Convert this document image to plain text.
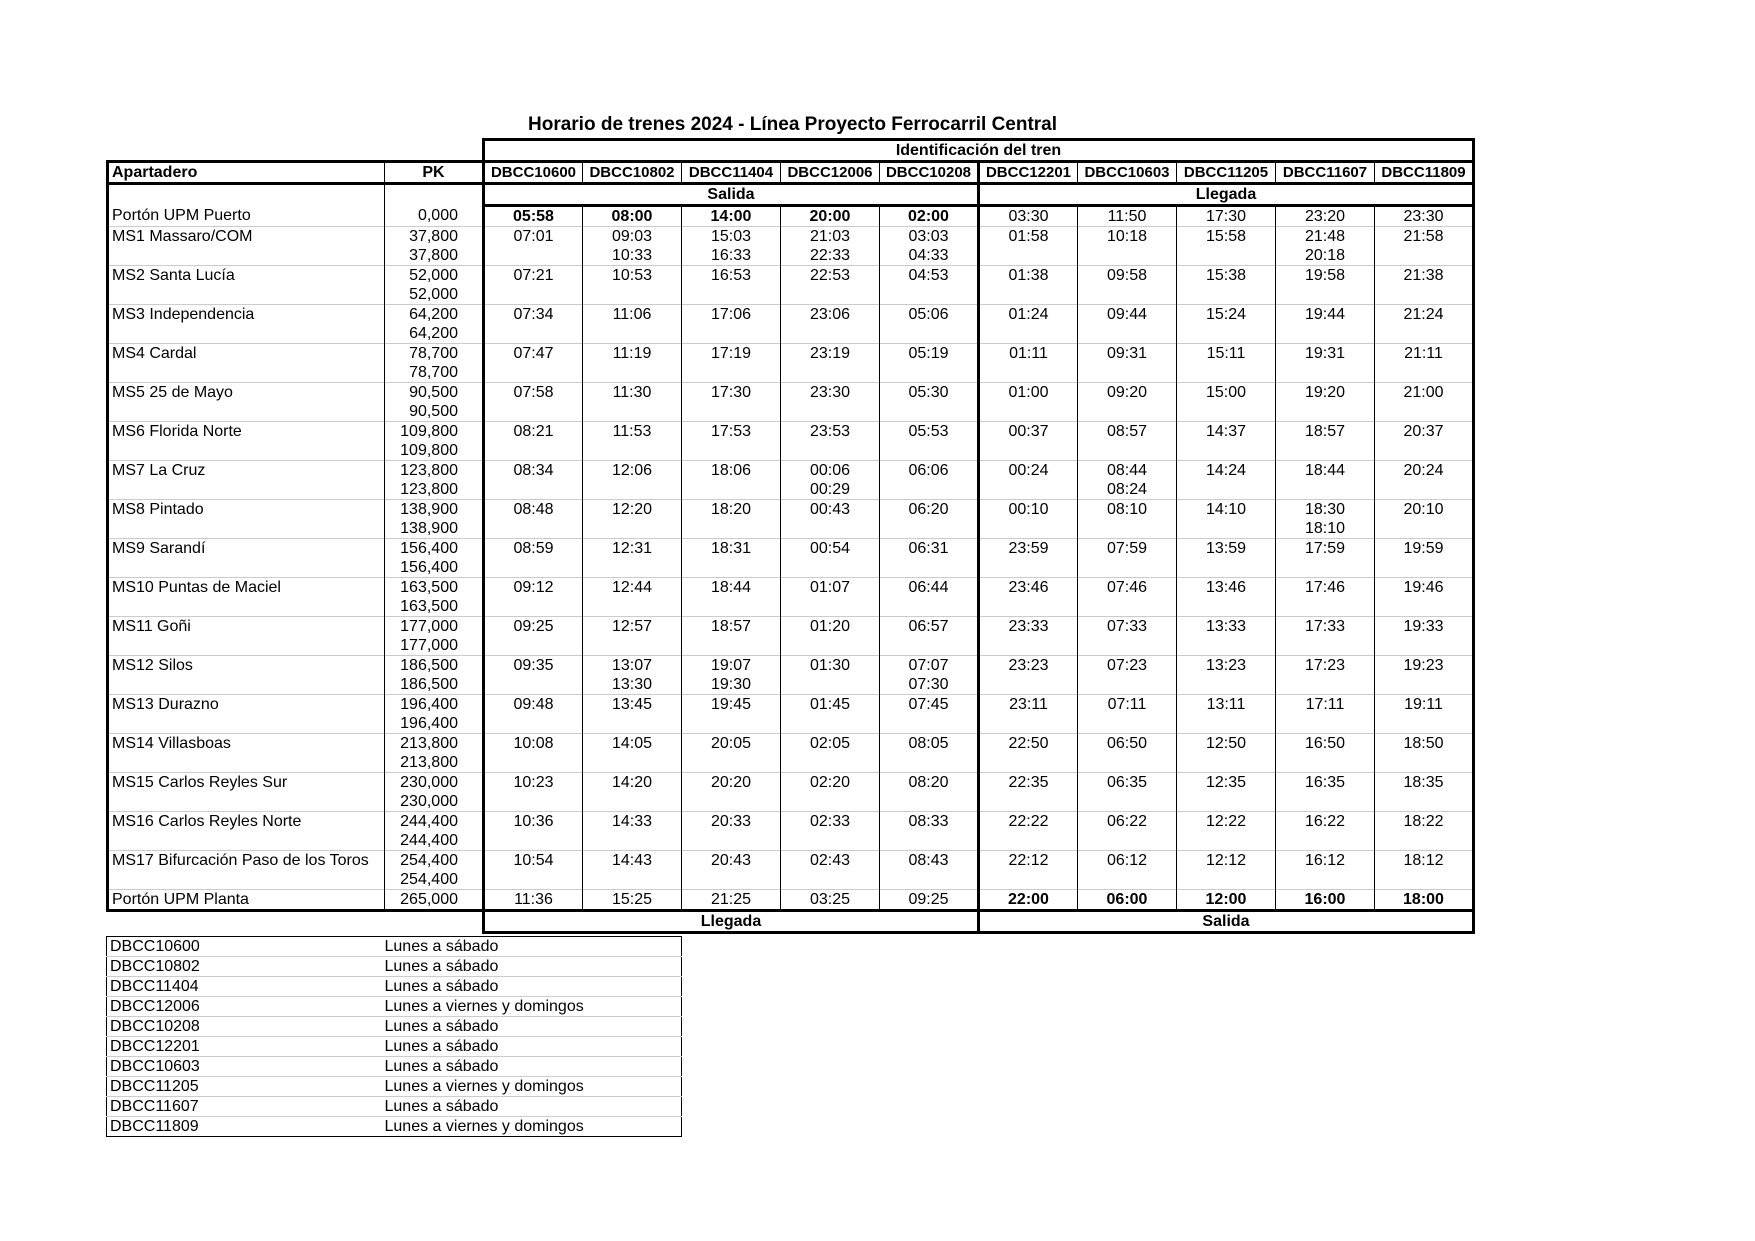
Horario de trenes 2024 - Línea Proyecto Ferrocarril Central
		Identificación del tren									
Apartadero	PK	DBCC10600	DBCC10802	DBCC11404	DBCC12006	DBCC10208	DBCC12201	DBCC10603	DBCC11205	DBCC11607	DBCC11809
		Salida					Llegada				
Portón UPM Puerto	0,000	05:58	08:00	14:00	20:00	02:00	03:30	11:50	17:30	23:20	23:30
MS1 Massaro/COM	37,800	07:01	09:03	15:03	21:03	03:03	01:58	10:18	15:58	21:48	21:58
	37,800		10:33	16:33	22:33	04:33				20:18	
MS2 Santa Lucía	52,000	07:21	10:53	16:53	22:53	04:53	01:38	09:58	15:38	19:58	21:38
	52,000										
MS3 Independencia	64,200	07:34	11:06	17:06	23:06	05:06	01:24	09:44	15:24	19:44	21:24
	64,200										
MS4 Cardal	78,700	07:47	11:19	17:19	23:19	05:19	01:11	09:31	15:11	19:31	21:11
	78,700										
MS5 25 de Mayo	90,500	07:58	11:30	17:30	23:30	05:30	01:00	09:20	15:00	19:20	21:00
	90,500										
MS6 Florida Norte	109,800	08:21	11:53	17:53	23:53	05:53	00:37	08:57	14:37	18:57	20:37
	109,800										
MS7 La Cruz	123,800	08:34	12:06	18:06	00:06	06:06	00:24	08:44	14:24	18:44	20:24
	123,800				00:29			08:24			
MS8 Pintado	138,900	08:48	12:20	18:20	00:43	06:20	00:10	08:10	14:10	18:30	20:10
	138,900									18:10	
MS9 Sarandí	156,400	08:59	12:31	18:31	00:54	06:31	23:59	07:59	13:59	17:59	19:59
	156,400										
MS10 Puntas de Maciel	163,500	09:12	12:44	18:44	01:07	06:44	23:46	07:46	13:46	17:46	19:46
	163,500										
MS11 Goñi	177,000	09:25	12:57	18:57	01:20	06:57	23:33	07:33	13:33	17:33	19:33
	177,000										
MS12 Silos	186,500	09:35	13:07	19:07	01:30	07:07	23:23	07:23	13:23	17:23	19:23
	186,500		13:30	19:30		07:30					
MS13 Durazno	196,400	09:48	13:45	19:45	01:45	07:45	23:11	07:11	13:11	17:11	19:11
	196,400										
MS14 Villasboas	213,800	10:08	14:05	20:05	02:05	08:05	22:50	06:50	12:50	16:50	18:50
	213,800										
MS15 Carlos Reyles Sur	230,000	10:23	14:20	20:20	02:20	08:20	22:35	06:35	12:35	16:35	18:35
	230,000										
MS16 Carlos Reyles Norte	244,400	10:36	14:33	20:33	02:33	08:33	22:22	06:22	12:22	16:22	18:22
	244,400										
MS17 Bifurcación Paso de los Toros	254,400	10:54	14:43	20:43	02:43	08:43	22:12	06:12	12:12	16:12	18:12
	254,400										
Portón UPM Planta	265,000	11:36	15:25	21:25	03:25	09:25	22:00	06:00	12:00	16:00	18:00
		Llegada					Salida				
DBCC10600	Lunes a sábado
DBCC10802	Lunes a sábado
DBCC11404	Lunes a sábado
DBCC12006	Lunes a viernes y domingos
DBCC10208	Lunes a sábado
DBCC12201	Lunes a sábado
DBCC10603	Lunes a sábado
DBCC11205	Lunes a viernes y domingos
DBCC11607	Lunes a sábado
DBCC11809	Lunes a viernes y domingos
